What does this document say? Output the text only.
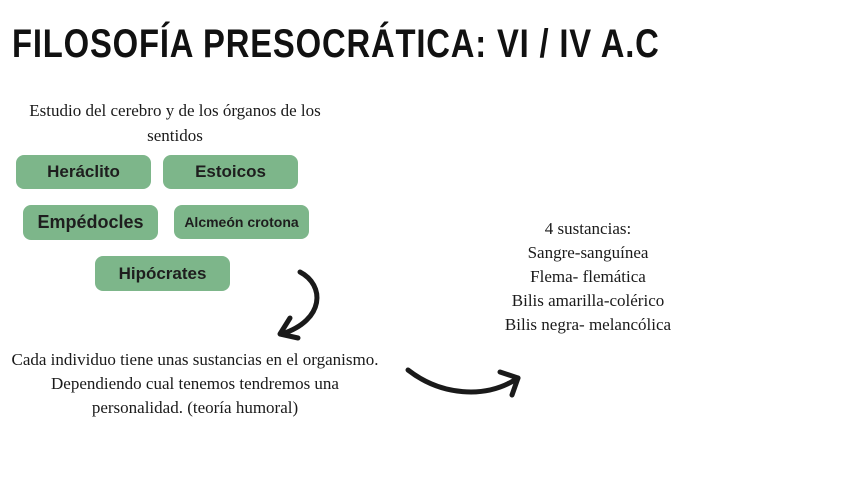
FILOSOFÍA PRESOCRÁTICA: VI / IV A.C
Estudio del cerebro y de los órganos de los sentidos
Heráclito	Estoicos
Empédocles	Alcmeón crotona
Hipócrates
Cada individuo tiene unas sustancias en el organismo. Dependiendo cual tenemos tendremos una personalidad. (teoría humoral)
4 sustancias:
Sangre-sanguínea
Flema- flemática
Bilis amarilla-colérico
Bilis negra- melancólica
